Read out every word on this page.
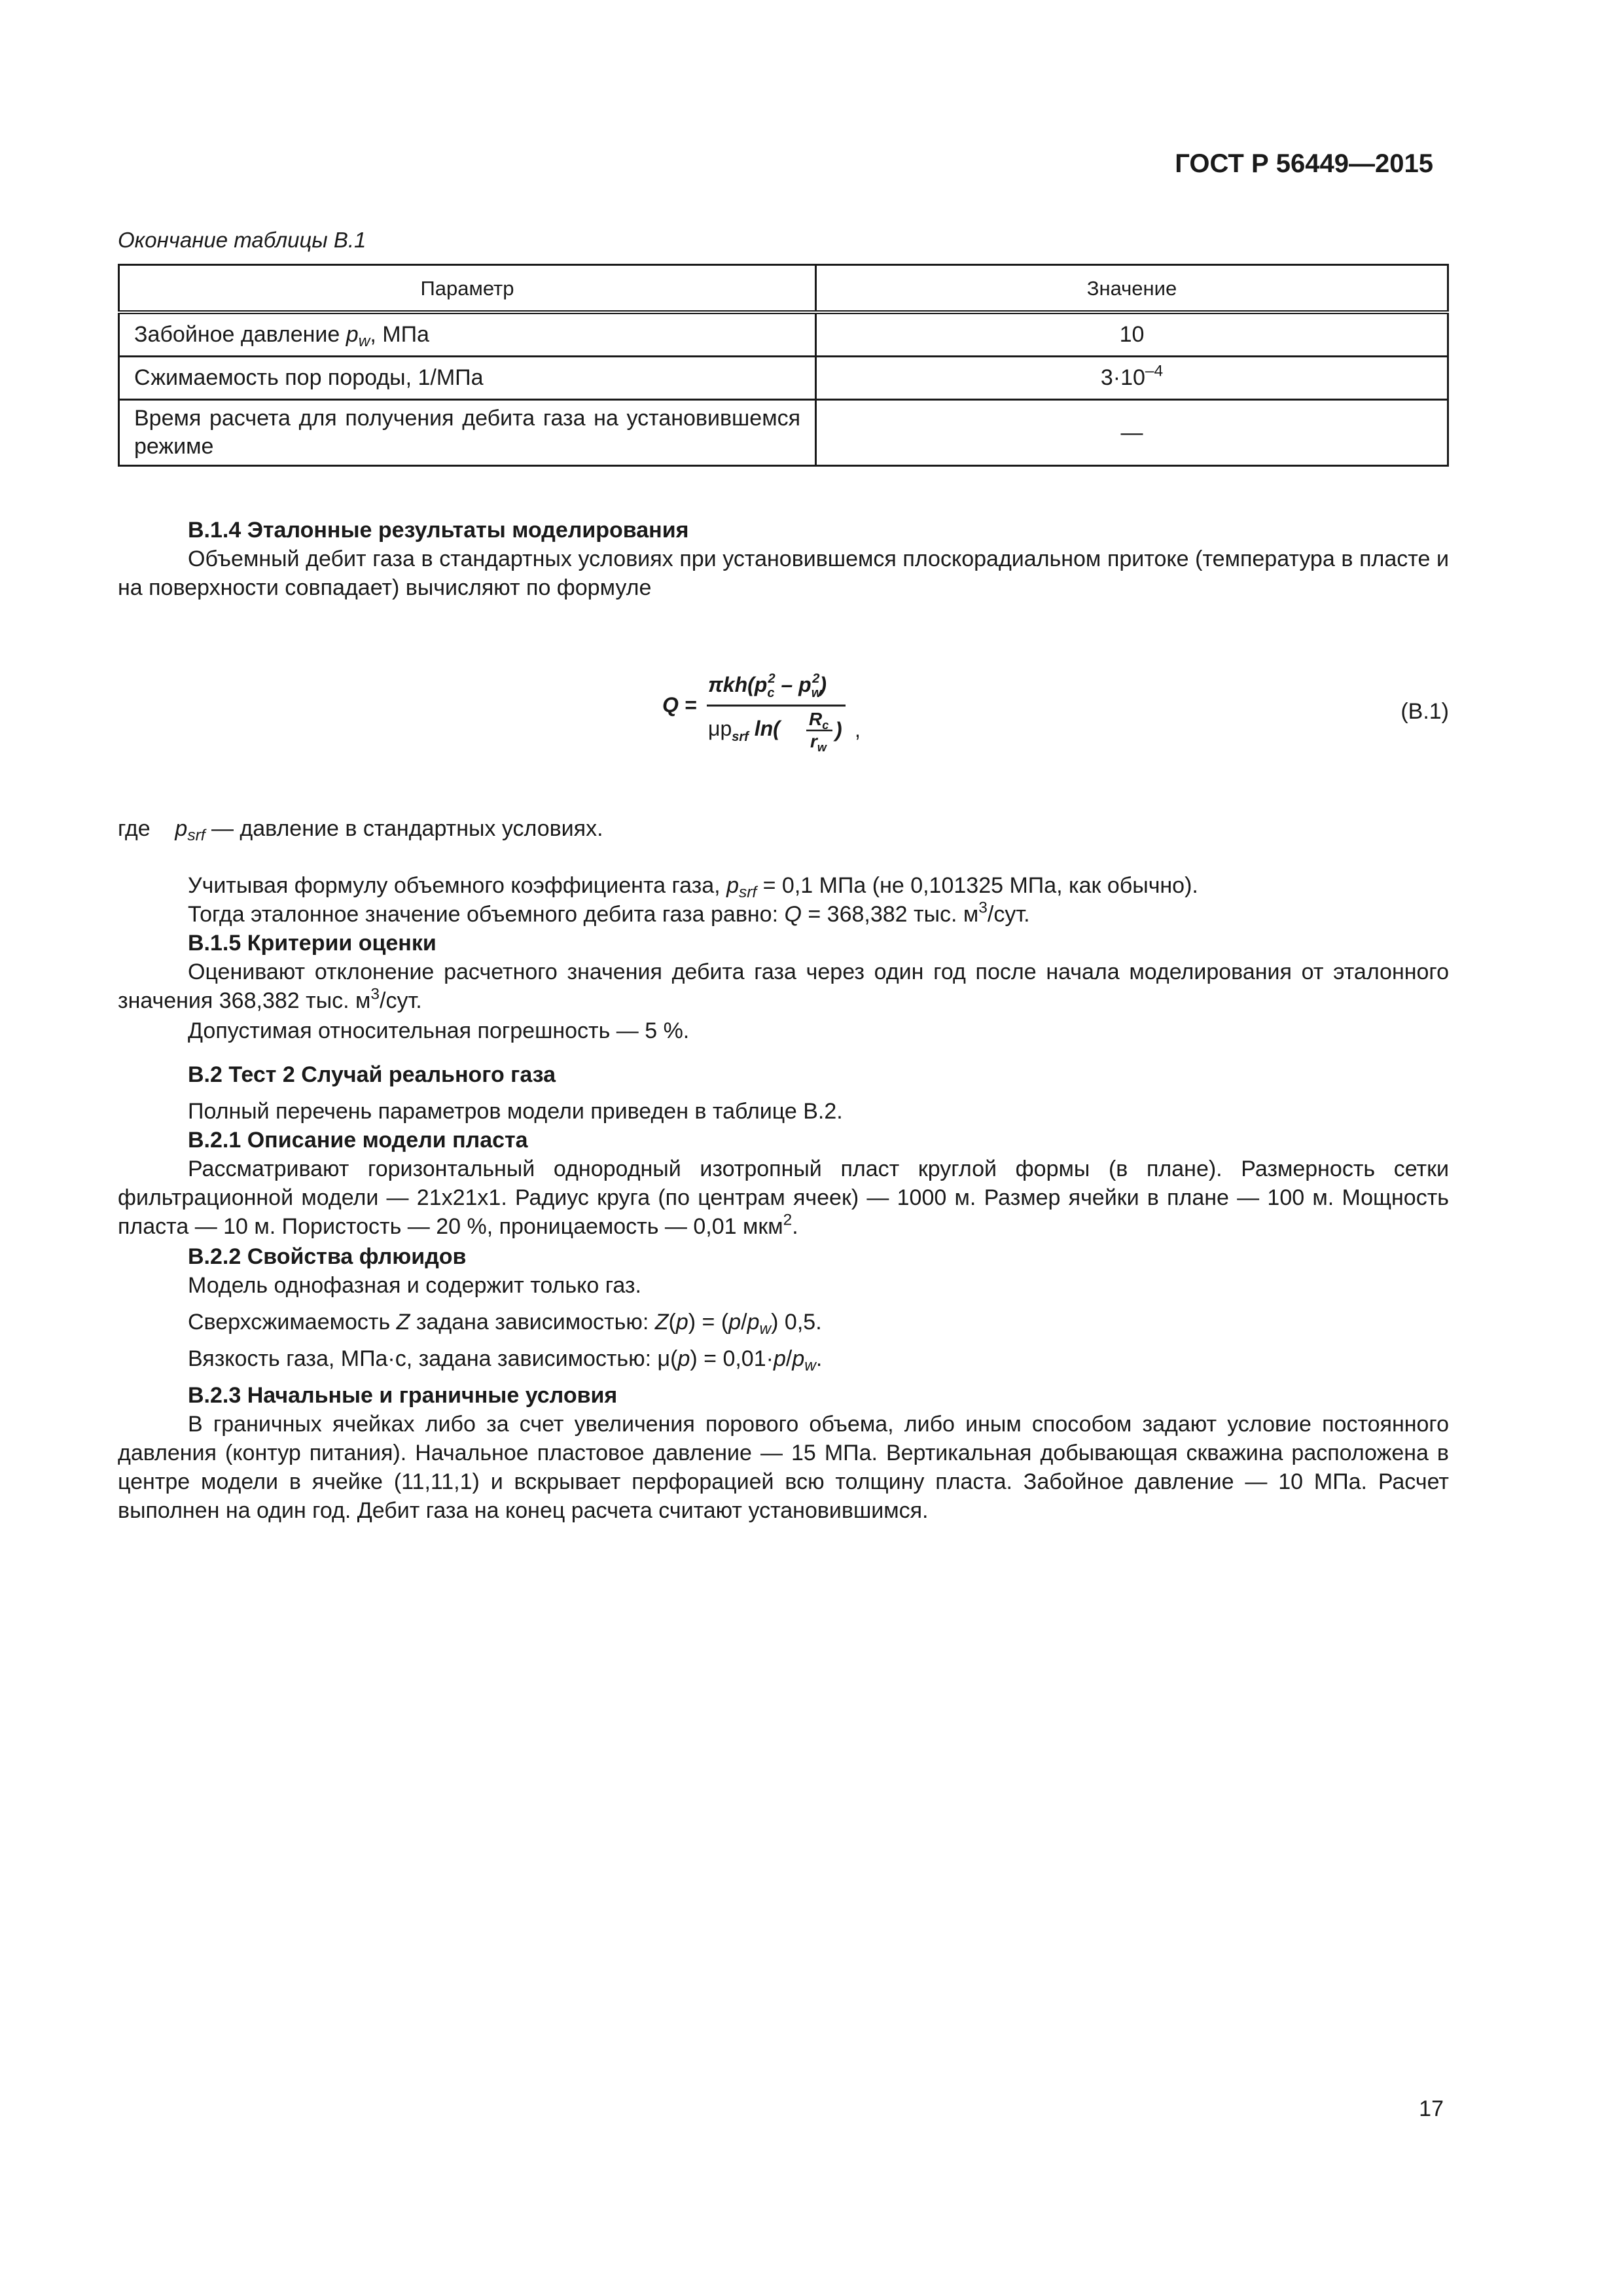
ГОСТ Р 56449—2015
Окончание таблицы В.1
Параметр	Значение
Забойное давление $p_w$, МПа	10
Сжимаемость пор породы, 1/МПа	$3\cdot 10^{-4}$
Время расчета для получения дебита газа на установившемся режиме	—

В.1.4 Эталонные результаты моделирования

Объемный дебит газа в стандартных условиях при установившемся плоскорадиальном притоке (температура в пласте и на поверхности совпадает) вычисляют по формуле

Q =
$\pi kh(p_c2 - p_w2)$
$\mu p_{srf}$ ln( $R_c$
$r_w$
) ,
(В.1)

где $p_{srf}$ — давление в стандартных условиях.

Учитывая формулу объемного коэффициента газа, $p_{srf} = 0,1$ МПа (не 0,101325 МПа, как обычно).

Тогда эталонное значение объемного дебита газа равно: Q = 368,382 тыс. $м^3$/сут.

В.1.5 Критерии оценки

Оценивают отклонение расчетного значения дебита газа через один год после начала моделирования от эталонного значения 368,382 тыс. $м^3$/сут.

Допустимая относительная погрешность — 5 %.

В.2 Тест 2 Случай реального газа

Полный перечень параметров модели приведен в таблице В.2.

В.2.1 Описание модели пласта

Рассматривают горизонтальный однородный изотропный пласт круглой формы (в плане). Размерность сетки фильтрационной модели — 21x21x1. Радиус круга (по центрам ячеек) — 1000 м. Размер ячейки в плане — 100 м. Мощность пласта — 10 м. Пористость — 20 %, проницаемость — 0,01 мкм$^2$.

В.2.2 Свойства флюидов

Модель однофазная и содержит только газ.

Сверхсжимаемость Z задана зависимостью: $Z(p) = (p/p_w)$ 0,5.

Вязкость газа, МПа·с, задана зависимостью: $\mu(p) = 0,01\cdot p/p_w$.

В.2.3 Начальные и граничные условия

В граничных ячейках либо за счет увеличения порового объема, либо иным способом задают условие постоянного давления (контур питания). Начальное пластовое давление — 15 МПа. Вертикальная добывающая скважина расположена в центре модели в ячейке (11,11,1) и вскрывает перфорацией всю толщину пласта. Забойное давление — 10 МПа. Расчет выполнен на один год. Дебит газа на конец расчета считают установившимся.

17
